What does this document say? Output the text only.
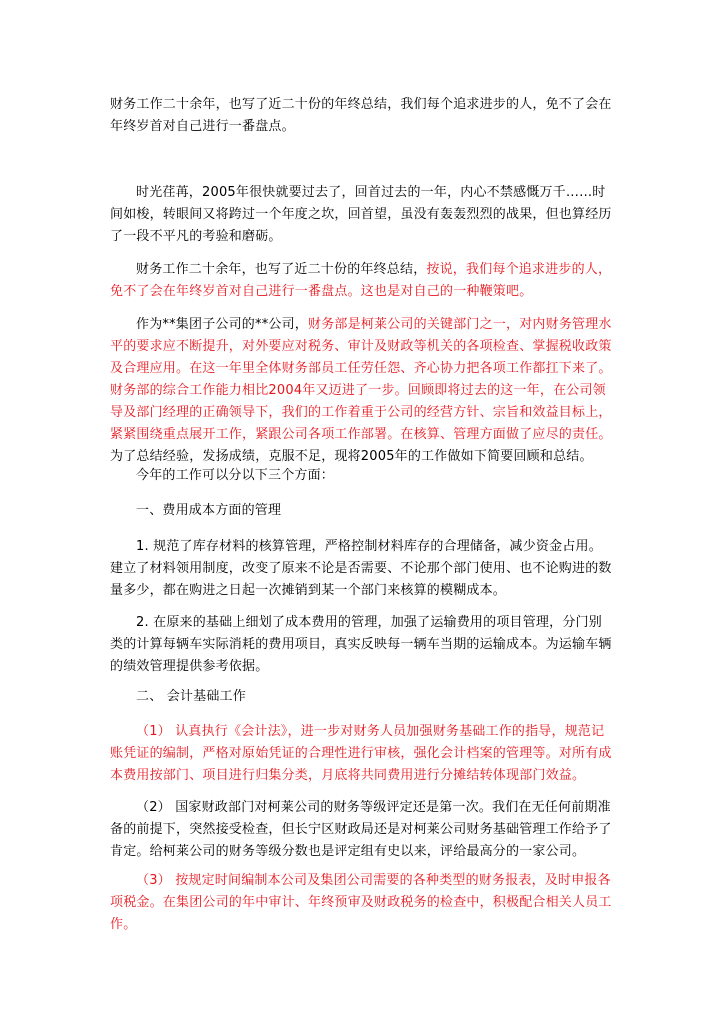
财务工作二十余年，也写了近二十份的年终总结，我们每个追求进步的人，免不了会在年终岁首对自己进行一番盘点。

时光荏苒，2005年很快就要过去了，回首过去的一年，内心不禁感慨万千……时间如梭，转眼间又将跨过一个年度之坎，回首望，虽没有轰轰烈烈的战果，但也算经历了一段不平凡的考验和磨砺。

财务工作二十余年，也写了近二十份的年终总结，按说，我们每个追求进步的人，免不了会在年终岁首对自己进行一番盘点。这也是对自己的一种鞭策吧。

作为**集团子公司的**公司，财务部是柯莱公司的关键部门之一，对内财务管理水平的要求应不断提升，对外要应对税务、审计及财政等机关的各项检查、掌握税收政策及合理应用。在这一年里全体财务部员工任劳任怨、齐心协力把各项工作都扛下来了。财务部的综合工作能力相比2004年又迈进了一步。回顾即将过去的这一年，在公司领导及部门经理的正确领导下，我们的工作着重于公司的经营方针、宗旨和效益目标上，紧紧围绕重点展开工作，紧跟公司各项工作部署。在核算、管理方面做了应尽的责任。为了总结经验，发扬成绩，克服不足，现将2005年的工作做如下简要回顾和总结。

今年的工作可以分以下三个方面：

一、费用成本方面的管理

1. 规范了库存材料的核算管理，严格控制材料库存的合理储备，减少资金占用。建立了材料领用制度，改变了原来不论是否需要、不论那个部门使用、也不论购进的数量多少，都在购进之日起一次摊销到某一个部门来核算的模糊成本。

2. 在原来的基础上细划了成本费用的管理，加强了运输费用的项目管理，分门别类的计算每辆车实际消耗的费用项目，真实反映每一辆车当期的运输成本。为运输车辆的绩效管理提供参考依据。

二、 会计基础工作

（1） 认真执行《会计法》，进一步对财务人员加强财务基础工作的指导，规范记账凭证的编制，严格对原始凭证的合理性进行审核，强化会计档案的管理等。对所有成本费用按部门、项目进行归集分类，月底将共同费用进行分摊结转体现部门效益。

（2） 国家财政部门对柯莱公司的财务等级评定还是第一次。我们在无任何前期准备的前提下，突然接受检查，但长宁区财政局还是对柯莱公司财务基础管理工作给予了肯定。给柯莱公司的财务等级分数也是评定组有史以来，评给最高分的一家公司。

（3） 按规定时间编制本公司及集团公司需要的各种类型的财务报表，及时申报各项税金。在集团公司的年中审计、年终预审及财政税务的检查中，积极配合相关人员工作。
